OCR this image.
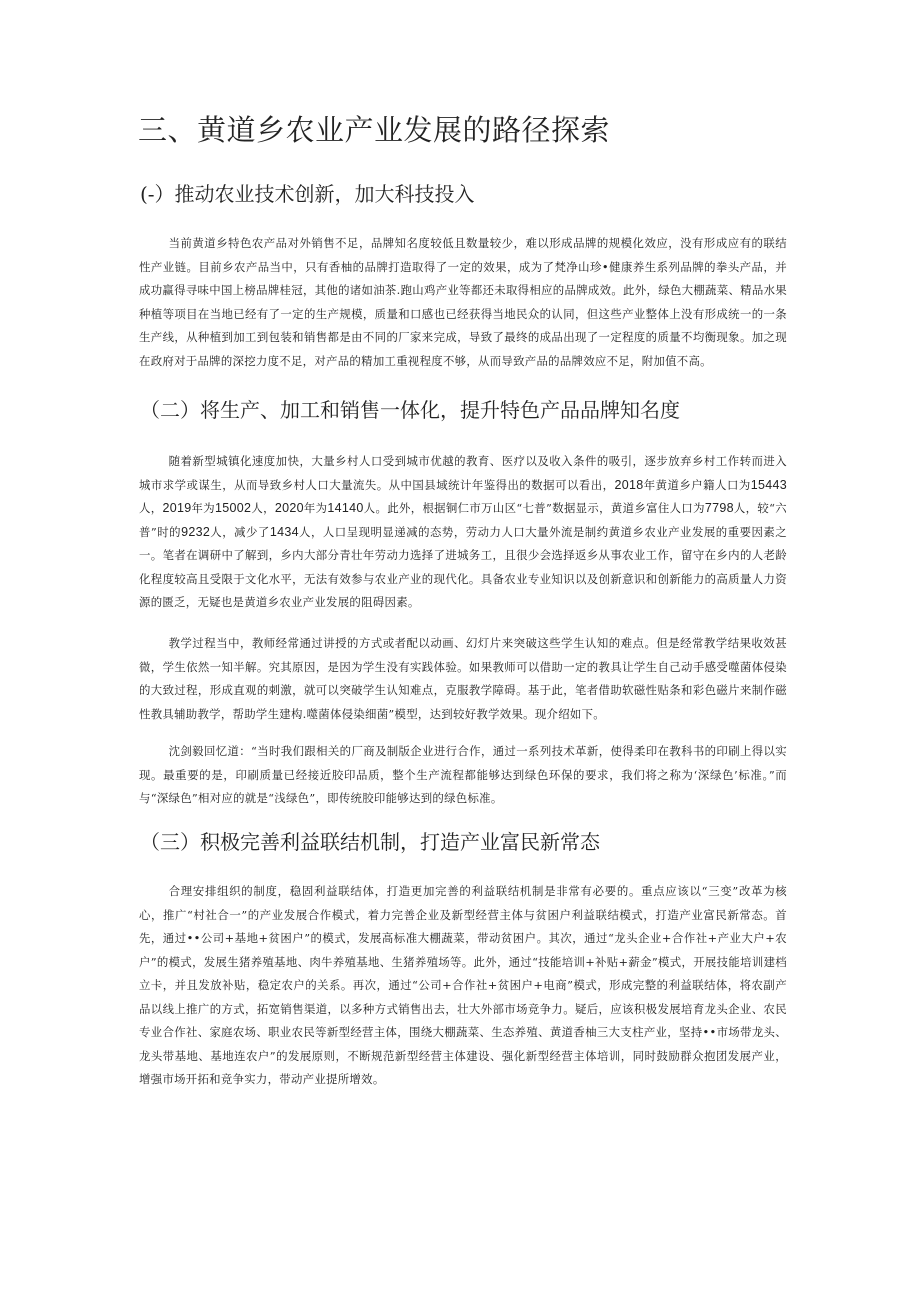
三、黄道乡农业产业发展的路径探索
(-）推动农业技术创新，加大科技投入

当前黄道乡特色农产品对外销售不足，品牌知名度较低且数量较少，难以形成品牌的规模化效应，没有形成应有的联结性产业链。目前乡农产品当中，只有香柚的品牌打造取得了一定的效果，成为了梵净山珍•健康养生系列品牌的拳头产品，并成功赢得寻味中国上榜品牌桂冠，其他的诸如油茶.跑山鸡产业等都还未取得相应的品牌成效。此外，绿色大棚蔬菜、精品水果种植等项目在当地已经有了一定的生产规模，质量和口感也已经获得当地民众的认同，但这些产业整体上没有形成统一的一条生产线，从种植到加工到包装和销售都是由不同的厂家来完成，导致了最终的成品出现了一定程度的质量不均衡现象。加之现在政府对于品牌的深挖力度不足，对产品的精加工重视程度不够，从而导致产品的品牌效应不足，附加值不高。

（二）将生产、加工和销售一体化，提升特色产品品牌知名度

随着新型城镇化速度加快，大量乡村人口受到城市优越的教育、医疗以及收入条件的吸引，逐步放弃乡村工作转而进入城市求学或谋生，从而导致乡村人口大量流失。从中国县域统计年鉴得出的数据可以看出，2018年黄道乡户籍人口为15443人，2019年为15002人，2020年为14140人。此外，根据铜仁市万山区“七普”数据显示，黄道乡富住人口为7798人，较“六普”时的9232人，减少了1434人，人口呈现明显递减的态势，劳动力人口大量外流是制约黄道乡农业产业发展的重要因素之一。笔者在调研中了解到，乡内大部分青壮年劳动力选择了进城务工，且很少会选择返乡从事农业工作，留守在乡内的人老龄化程度较高且受限于文化水平，无法有效参与农业产业的现代化。具备农业专业知识以及创新意识和创新能力的高质量人力资源的匮乏，无疑也是黄道乡农业产业发展的阻碍因素。

教学过程当中，教师经常通过讲授的方式或者配以动画、幻灯片来突破这些学生认知的难点。但是经常教学结果收效甚微，学生依然一知半解。究其原因，是因为学生没有实践体验。如果教师可以借助一定的教具让学生自己动手感受噬菌体侵染的大致过程，形成直观的刺激，就可以突破学生认知难点，克服教学障碍。基于此，笔者借助软磁性贴条和彩色磁片来制作磁性教具辅助教学，帮助学生建构.噬菌体侵染细菌”模型，达到较好教学效果。现介绍如下。

沈剑毅回忆道：“当时我们跟相关的厂商及制版企业进行合作，通过一系列技术革新，使得柔印在教科书的印刷上得以实现。最重要的是，印刷质量已经接近胶印品质，整个生产流程都能够达到绿色环保的要求，我们将之称为‘深绿色’标准。”而与“深绿色”相对应的就是“浅绿色”，即传统胶印能够达到的绿色标准。

（三）积极完善利益联结机制，打造产业富民新常态

合理安排组织的制度，稳固利益联结体，打造更加完善的利益联结机制是非常有必要的。重点应该以“三变”改革为核心，推广“村社合一”的产业发展合作模式，着力完善企业及新型经营主体与贫困户利益联结模式，打造产业富民新常态。首先，通过••公司+基地+贫困户”的模式，发展高标准大棚蔬菜，带动贫困户。其次，通过“龙头企业+合作社+产业大户+农户”的模式，发展生猪养殖基地、肉牛养殖基地、生猪养殖场等。此外，通过“技能培训+补贴+薪金”模式，开展技能培训建档立卡，并且发放补贴，稳定农户的关系。再次，通过“公司+合作社+贫困户+电商”模式，形成完整的利益联结体，将农副产品以线上推广的方式，拓宽销售渠道，以多种方式销售出去，壮大外部市场竞争力。疑后，应该积极发展培育龙头企业、农民专业合作社、家庭农场、职业农民等新型经营主体，围绕大棚蔬菜、生态养殖、黄道香柚三大支柱产业，坚持••市场带龙头、龙头带基地、基地连农户”的发展原则，不断规范新型经营主体建设、强化新型经营主体培训，同时鼓励群众抱团发展产业，增强市场开拓和竞争实力，带动产业提所增效。
